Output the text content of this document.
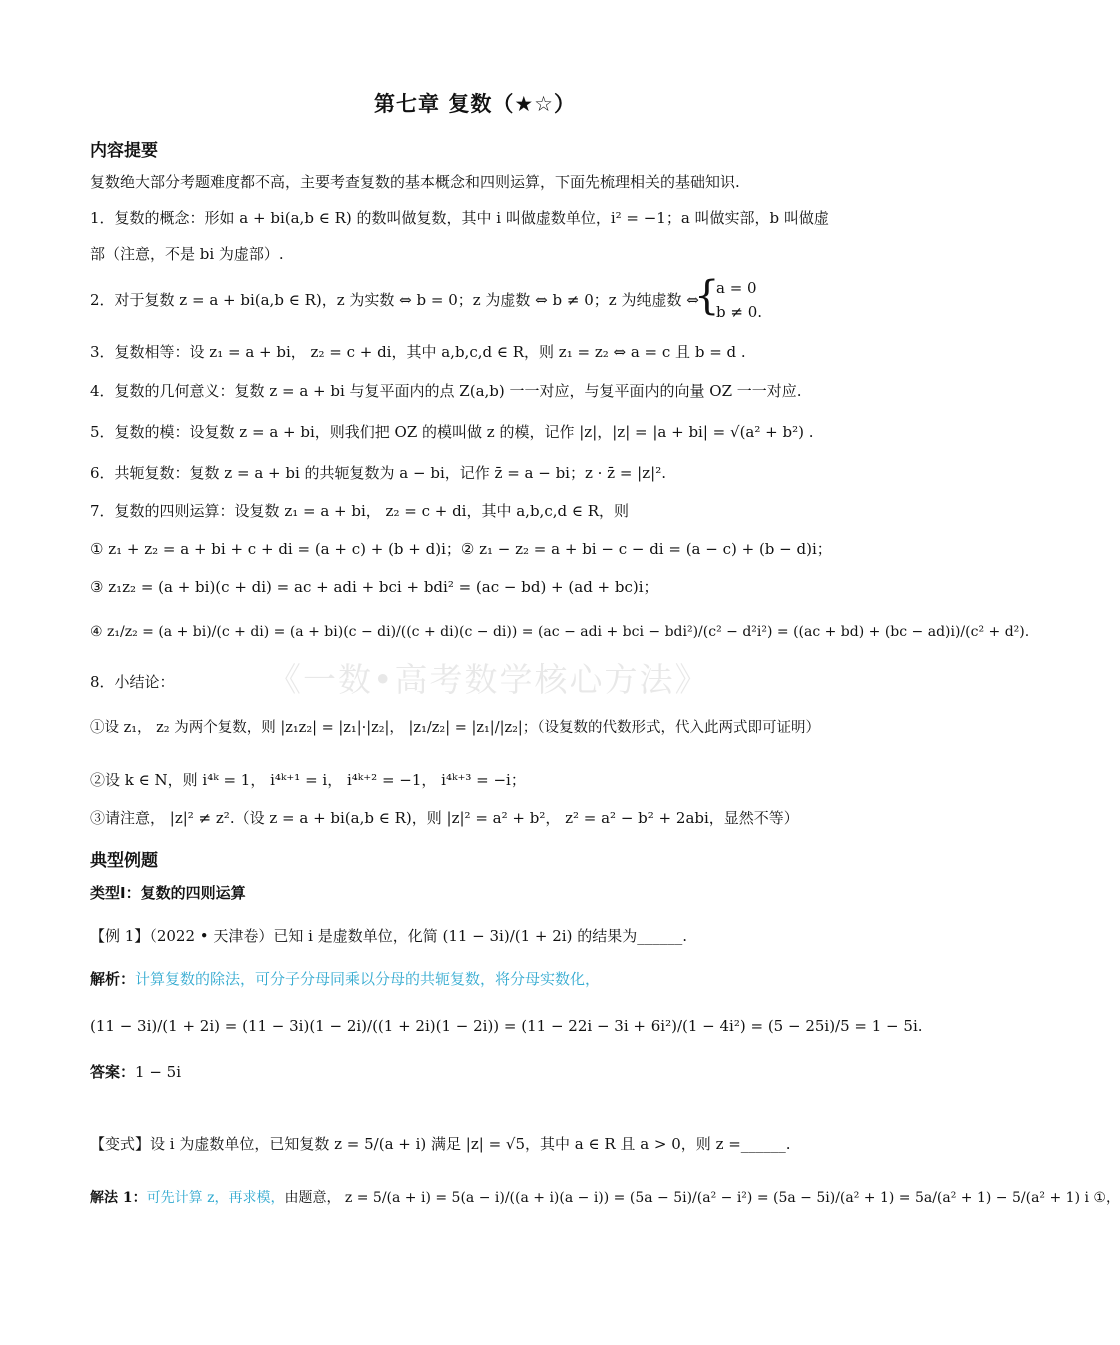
《一数•高考数学核心方法》
第七章 复数（★☆）
内容提要
复数绝大部分考题难度都不高，主要考查复数的基本概念和四则运算，下面先梳理相关的基础知识.
1．复数的概念：形如 a + bi(a,b ∈ R) 的数叫做复数，其中 i 叫做虚数单位，i² = −1；a 叫做实部，b 叫做虚
部（注意，不是 bi 为虚部）.
2．对于复数 z = a + bi(a,b ∈ R)，z 为实数 ⇔ b = 0；z 为虚数 ⇔ b ≠ 0；z 为纯虚数 ⇔
{
a = 0
b ≠ 0.
3．复数相等：设 z₁ = a + bi， z₂ = c + di，其中 a,b,c,d ∈ R，则 z₁ = z₂ ⇔ a = c 且 b = d .
4．复数的几何意义：复数 z = a + bi 与复平面内的点 Z(a,b) 一一对应，与复平面内的向量 OZ 一一对应.
5．复数的模：设复数 z = a + bi，则我们把 OZ 的模叫做 z 的模，记作 |z|，|z| = |a + bi| = √(a² + b²) .
6．共轭复数：复数 z = a + bi 的共轭复数为 a − bi，记作 z̄ = a − bi；z · z̄ = |z|².
7．复数的四则运算：设复数 z₁ = a + bi， z₂ = c + di，其中 a,b,c,d ∈ R，则
① z₁ + z₂ = a + bi + c + di = (a + c) + (b + d)i；② z₁ − z₂ = a + bi − c − di = (a − c) + (b − d)i；
③ z₁z₂ = (a + bi)(c + di) = ac + adi + bci + bdi² = (ac − bd) + (ad + bc)i；
④ z₁/z₂ = (a + bi)/(c + di) = (a + bi)(c − di)/((c + di)(c − di)) = (ac − adi + bci − bdi²)/(c² − d²i²) = ((ac + bd) + (bc − ad)i)/(c² + d²).
8．小结论：
①设 z₁， z₂ 为两个复数，则 |z₁z₂| = |z₁|·|z₂|， |z₁/z₂| = |z₁|/|z₂|；（设复数的代数形式，代入此两式即可证明）
②设 k ∈ N，则 i⁴ᵏ = 1， i⁴ᵏ⁺¹ = i， i⁴ᵏ⁺² = −1， i⁴ᵏ⁺³ = −i；
③请注意， |z|² ≠ z².（设 z = a + bi(a,b ∈ R)，则 |z|² = a² + b²， z² = a² − b² + 2abi，显然不等）
典型例题
类型Ⅰ：复数的四则运算
【例 1】（2022 • 天津卷）已知 i 是虚数单位，化简 (11 − 3i)/(1 + 2i) 的结果为______.
解析：计算复数的除法，可分子分母同乘以分母的共轭复数，将分母实数化，
(11 − 3i)/(1 + 2i) = (11 − 3i)(1 − 2i)/((1 + 2i)(1 − 2i)) = (11 − 22i − 3i + 6i²)/(1 − 4i²) = (5 − 25i)/5 = 1 − 5i.
答案：1 − 5i
【变式】设 i 为虚数单位，已知复数 z = 5/(a + i) 满足 |z| = √5，其中 a ∈ R 且 a > 0，则 z =______.
解法 1：可先计算 z，再求模，由题意， z = 5/(a + i) = 5(a − i)/((a + i)(a − i)) = (5a − 5i)/(a² − i²) = (5a − 5i)/(a² + 1) = 5a/(a² + 1) − 5/(a² + 1) i ①，
